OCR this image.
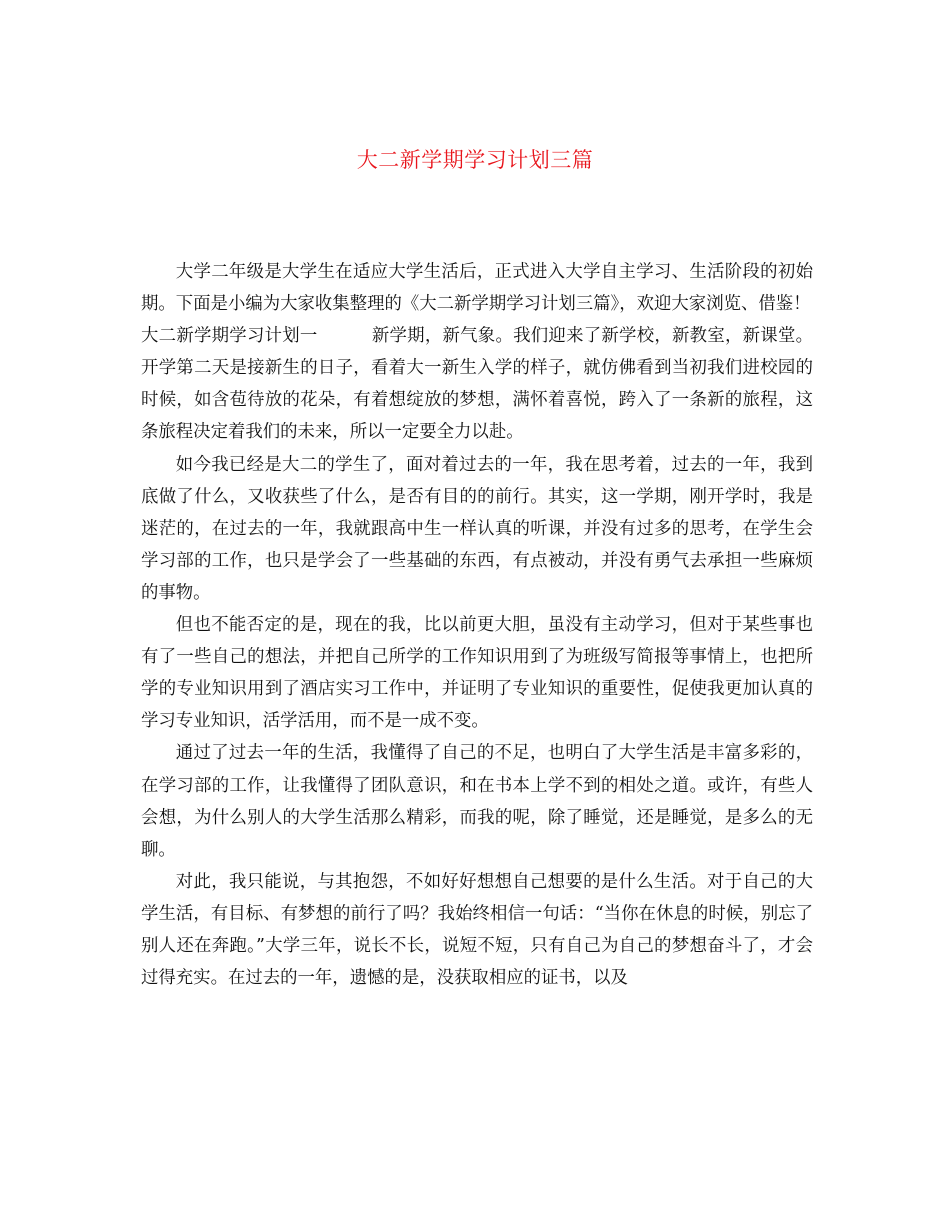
大二新学期学习计划三篇

大学二年级是大学生在适应大学生活后，正式进入大学自主学习、生活阶段的初始期。下面是小编为大家收集整理的《大二新学期学习计划三篇》，欢迎大家浏览、借鉴！

大二新学期学习计划一	新学期，新气象。我们迎来了新学校，新教室，新课堂。开学第二天是接新生的日子，看着大一新生入学的样子，就仿佛看到当初我们进校园的时候，如含苞待放的花朵，有着想绽放的梦想，满怀着喜悦，跨入了一条新的旅程，这条旅程决定着我们的未来，所以一定要全力以赴。

如今我已经是大二的学生了，面对着过去的一年，我在思考着，过去的一年，我到底做了什么，又收获些了什么，是否有目的的前行。其实，这一学期，刚开学时，我是迷茫的，在过去的一年，我就跟高中生一样认真的听课，并没有过多的思考，在学生会学习部的工作，也只是学会了一些基础的东西，有点被动，并没有勇气去承担一些麻烦的事物。

但也不能否定的是，现在的我，比以前更大胆，虽没有主动学习，但对于某些事也有了一些自己的想法，并把自己所学的工作知识用到了为班级写简报等事情上，也把所学的专业知识用到了酒店实习工作中，并证明了专业知识的重要性，促使我更加认真的学习专业知识，活学活用，而不是一成不变。

通过了过去一年的生活，我懂得了自己的不足，也明白了大学生活是丰富多彩的，在学习部的工作，让我懂得了团队意识，和在书本上学不到的相处之道。或许，有些人会想，为什么别人的大学生活那么精彩，而我的呢，除了睡觉，还是睡觉，是多么的无聊。

对此，我只能说，与其抱怨，不如好好想想自己想要的是什么生活。对于自己的大学生活，有目标、有梦想的前行了吗？我始终相信一句话：“当你在休息的时候，别忘了别人还在奔跑。”大学三年，说长不长，说短不短，只有自己为自己的梦想奋斗了，才会过得充实。在过去的一年，遗憾的是，没获取相应的证书，以及
